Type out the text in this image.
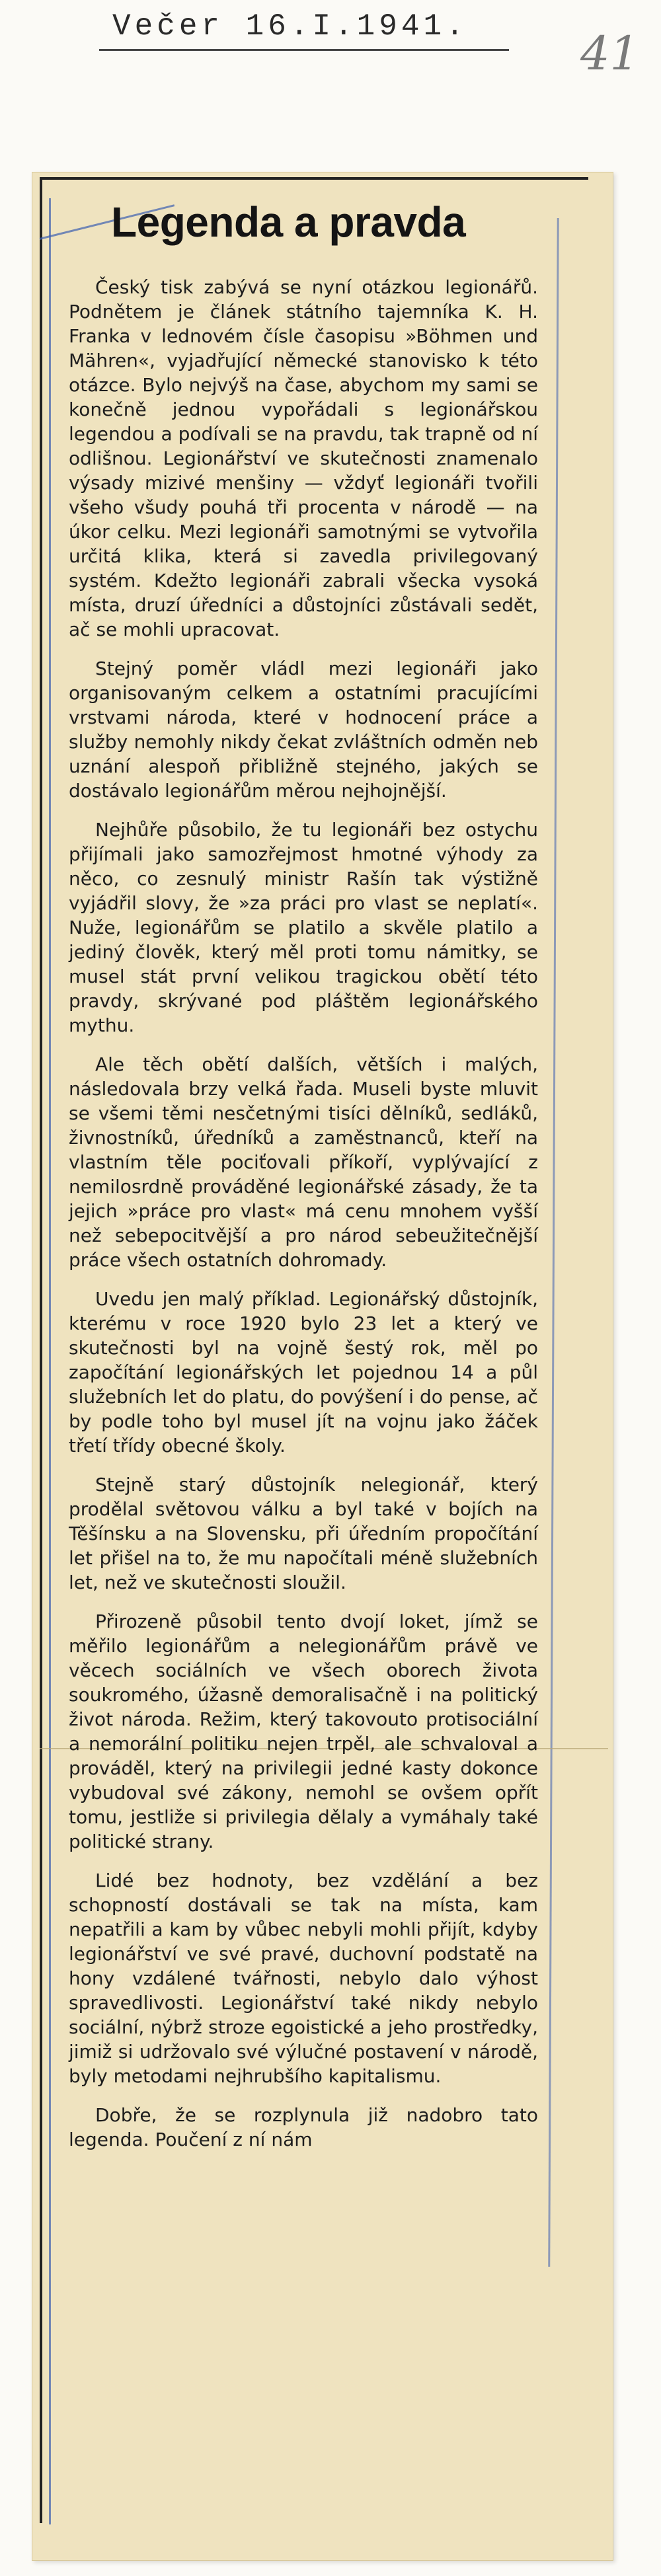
Večer 16.I.1941.	41
Legenda a pravda

Český tisk zabývá se nyní otázkou legionářů. Podnětem je článek státního tajemníka K. H. Franka v lednovém čísle časopisu »Böhmen und Mähren«, vyjadřující německé stanovisko k této otázce. Bylo nejvýš na čase, abychom my sami se konečně jednou vypořádali s legionářskou legendou a podívali se na pravdu, tak trapně od ní odlišnou. Legionářství ve skutečnosti znamenalo výsady mizivé menšiny — vždyť legionáři tvořili všeho všudy pouhá tři procenta v národě — na úkor celku. Mezi legionáři samotnými se vytvořila určitá klika, která si zavedla privilegovaný systém. Kdežto legionáři zabrali všecka vysoká místa, druzí úředníci a důstojníci zůstávali sedět, ač se mohli upracovat.

Stejný poměr vládl mezi legionáři jako organisovaným celkem a ostatními pracujícími vrstvami národa, které v hodnocení práce a služby nemohly nikdy čekat zvláštních odměn neb uznání alespoň přibližně stejného, jakých se dostávalo legionářům měrou nejhojnější.

Nejhůře působilo, že tu legionáři bez ostychu přijímali jako samozřejmost hmotné výhody za něco, co zesnulý ministr Rašín tak výstižně vyjádřil slovy, že »za práci pro vlast se neplatí«. Nuže, legionářům se platilo a skvěle platilo a jediný člověk, který měl proti tomu námitky, se musel stát první velikou tragickou obětí této pravdy, skrývané pod pláštěm legionářského mythu.

Ale těch obětí dalších, větších i malých, následovala brzy velká řada. Museli byste mluvit se všemi těmi nesčetnými tisíci dělníků, sedláků, živnostníků, úředníků a zaměstnanců, kteří na vlastním těle pociťovali příkoří, vyplývající z nemilosrdně prováděné legionářské zásady, že ta jejich »práce pro vlast« má cenu mnohem vyšší než sebepocitvější a pro národ sebeužitečnější práce všech ostatních dohromady.

Uvedu jen malý příklad. Legionářský důstojník, kterému v roce 1920 bylo 23 let a který ve skutečnosti byl na vojně šestý rok, měl po započítání legionářských let pojednou 14 a půl služebních let do platu, do povýšení i do pense, ač by podle toho byl musel jít na vojnu jako žáček třetí třídy obecné školy.

Stejně starý důstojník nelegionář, který prodělal světovou válku a byl také v bojích na Těšínsku a na Slovensku, při úředním propočítání let přišel na to, že mu napočítali méně služebních let, než ve skutečnosti sloužil.

Přirozeně působil tento dvojí loket, jímž se měřilo legionářům a nelegionářům právě ve věcech sociálních ve všech oborech života soukromého, úžasně demoralisačně i na politický život národa. Režim, který takovouto protisociální a nemorální politiku nejen trpěl, ale schvaloval a prováděl, který na privilegii jedné kasty dokonce vybudoval své zákony, nemohl se ovšem opřít tomu, jestliže si privilegia dělaly a vymáhaly také politické strany.

Lidé bez hodnoty, bez vzdělání a bez schopností dostávali se tak na místa, kam nepatřili a kam by vůbec nebyli mohli přijít, kdyby legionářství ve své pravé, duchovní podstatě na hony vzdálené tvářnosti, nebylo dalo výhost spravedlivosti. Legionářství také nikdy nebylo sociální, nýbrž stroze egoistické a jeho prostředky, jimiž si udržovalo své výlučné postavení v národě, byly metodami nejhrubšího kapitalismu.

Dobře, že se rozplynula již nadobro tato legenda. Poučení z ní nám
